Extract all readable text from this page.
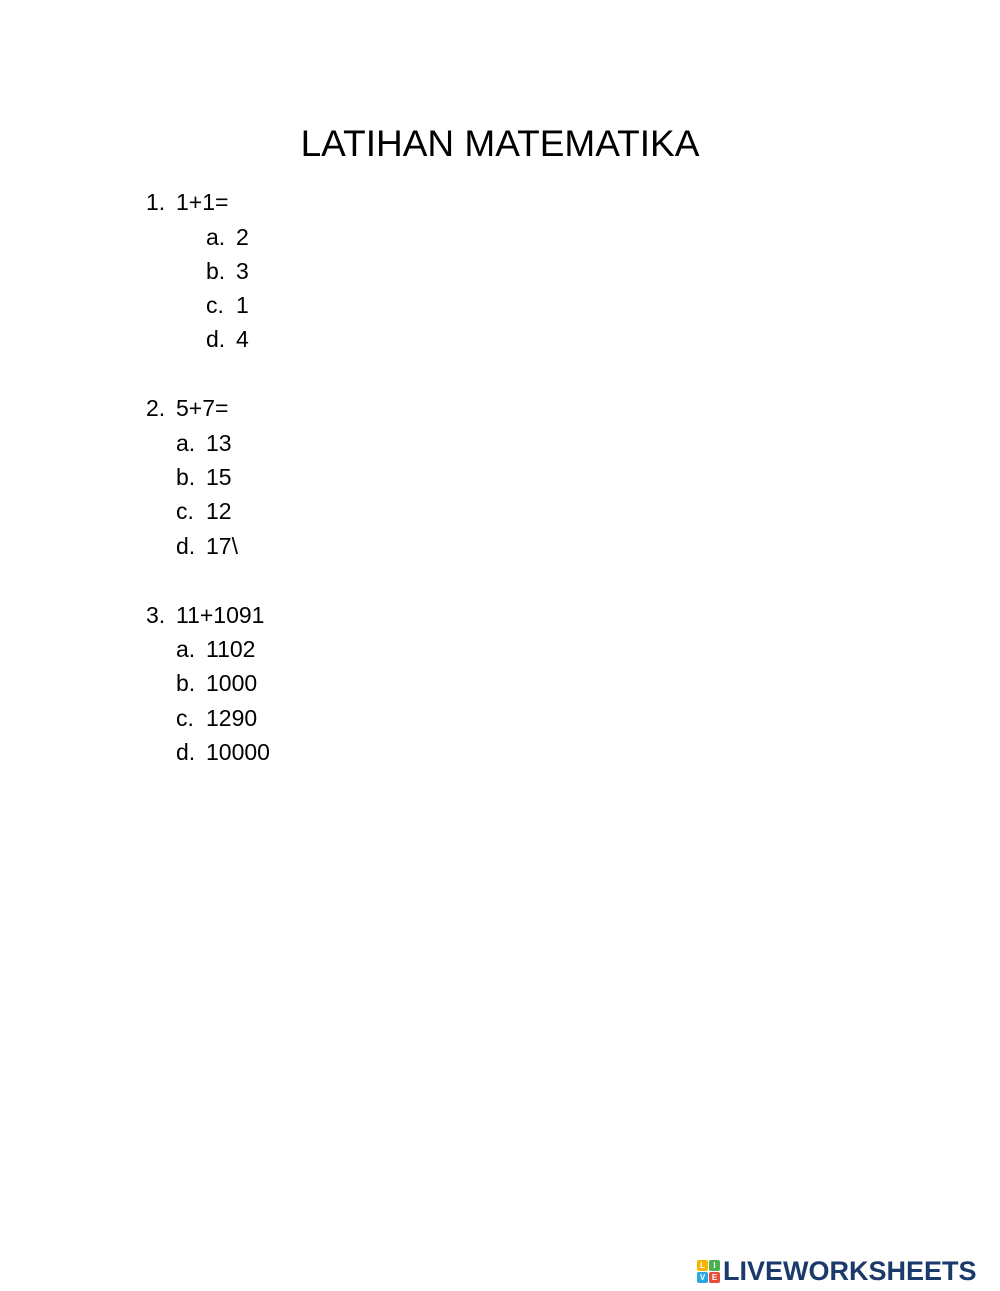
LATIHAN MATEMATIKA
1. 1+1=
a. 2
b. 3
c. 1
d. 4
2. 5+7=
a. 13
b. 15
c. 12
d. 17\
3. 11+1091
a. 1102
b. 1000
c. 1290
d. 10000
L	I
V E LIVEWORKSHEETS
